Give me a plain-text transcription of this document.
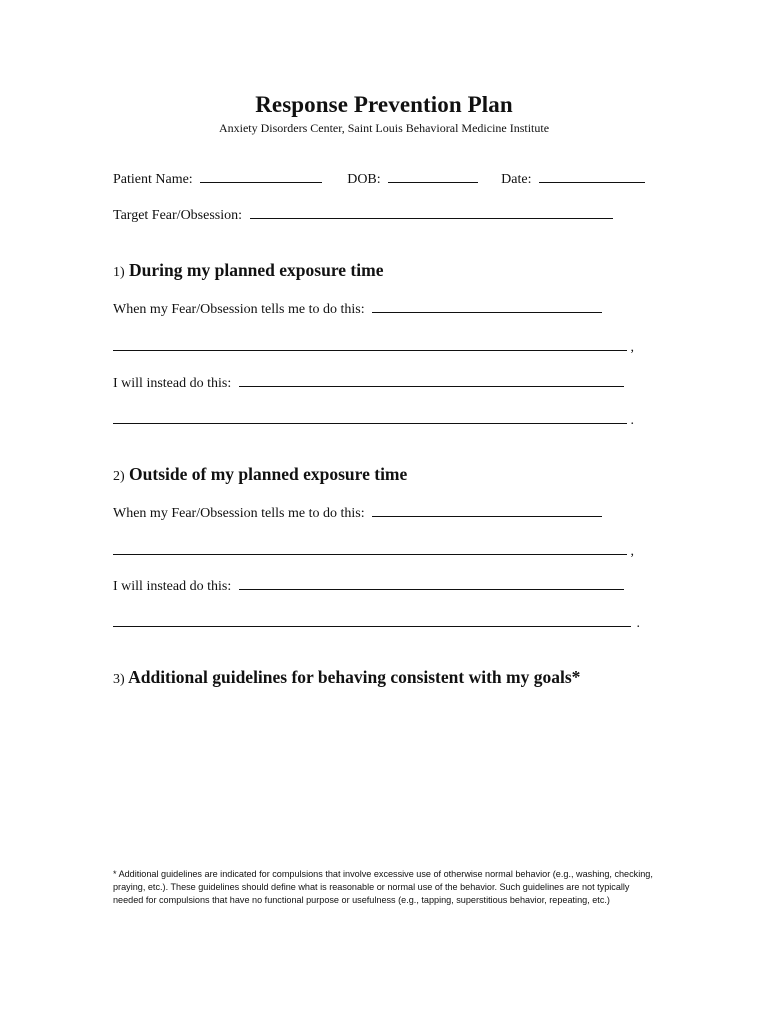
Response Prevention Plan
Anxiety Disorders Center, Saint Louis Behavioral Medicine Institute
Patient Name:	DOB:	Date:
Target Fear/Obsession:
1) During my planned exposure time
When my Fear/Obsession tells me to do this:
,
I will instead do this:
.
2) Outside of my planned exposure time
When my Fear/Obsession tells me to do this:
,
I will instead do this:
.
3) Additional guidelines for behaving consistent with my goals*
* Additional guidelines are indicated for compulsions that involve excessive use of otherwise normal behavior (e.g., washing, checking, praying, etc.). These guidelines should define what is reasonable or normal use of the behavior. Such guidelines are not typically needed for compulsions that have no functional purpose or usefulness (e.g., tapping, superstitious behavior, repeating, etc.)
